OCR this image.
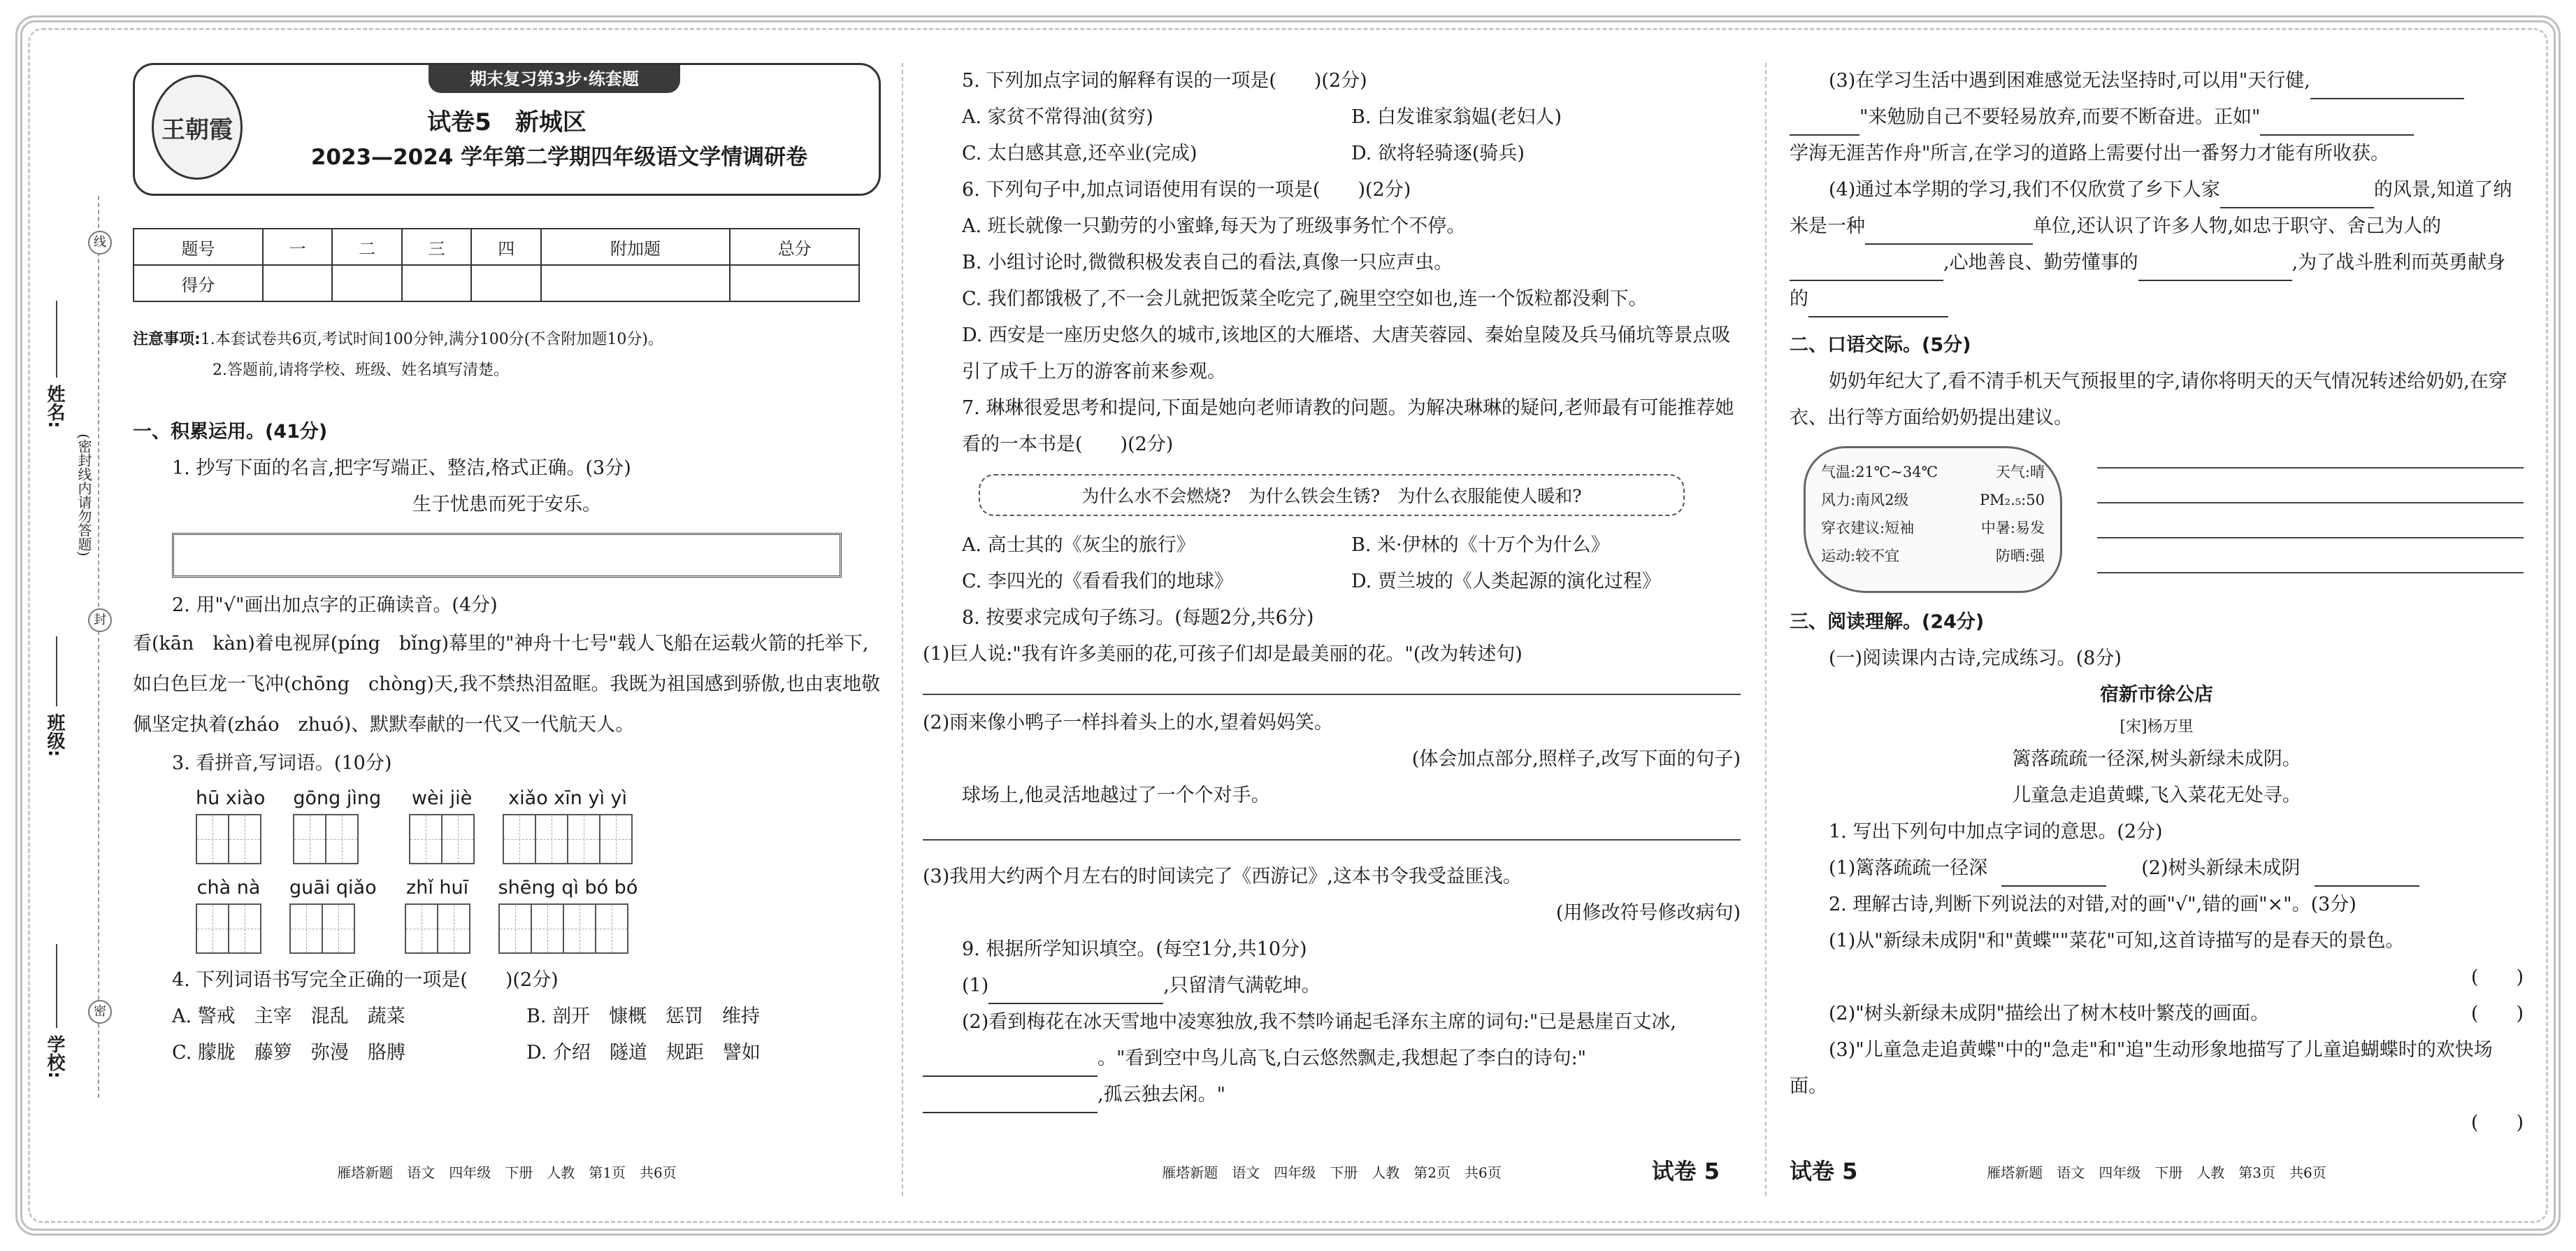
线
封
密
姓名:
(密封线内请勿答题)
班级:
学校:
王朝霞
期末复习第3步·练套题
试卷5　新城区
2023—2024 学年第二学期四年级语文学情调研卷
题号	一	二	三	四	附加题	总分
得分						
注意事项:1.本套试卷共6页,考试时间100分钟,满分100分(不含附加题10分)。
2.答题前,请将学校、班级、姓名填写清楚。
一、积累运用。(41分)
1. 抄写下面的名言,把字写端正、整洁,格式正确。(3分)
生于忧患而死于安乐。
2. 用"√"画出加点字的正确读音。(4分)
看(kān　kàn)着电视屏(píng　bǐng)幕里的"神舟十七号"载人飞船在运载火箭的托举下,如白色巨龙一飞冲(chōng　chòng)天,我不禁热泪盈眶。我既为祖国感到骄傲,也由衷地敬佩坚定执着(zháo　zhuó)、默默奉献的一代又一代航天人。
3. 看拼音,写词语。(10分)
hū xiào gōng jìng wèi jiè xiǎo xīn yì yì
chà nà guāi qiǎo zhǐ huī shēng qì bó bó
4. 下列词语书写完全正确的一项是(　　)(2分)
A. 警戒　主宰　混乱　蔬菜	B. 剖开　慷概　惩罚　维持
C. 朦胧　藤箩　弥漫　胳膊	D. 介绍　隧道　规距　譬如
雁塔新题　语文　四年级　下册　人教　第1页　共6页
5. 下列加点字词的解释有误的一项是(　　)(2分)
A. 家贫不常得油(贫穷)	B. 白发谁家翁媪(老妇人)
C. 太白感其意,还卒业(完成)	D. 欲将轻骑逐(骑兵)
6. 下列句子中,加点词语使用有误的一项是(　　)(2分)
A. 班长就像一只勤劳的小蜜蜂,每天为了班级事务忙个不停。
B. 小组讨论时,微微积极发表自己的看法,真像一只应声虫。
C. 我们都饿极了,不一会儿就把饭菜全吃完了,碗里空空如也,连一个饭粒都没剩下。
D. 西安是一座历史悠久的城市,该地区的大雁塔、大唐芙蓉园、秦始皇陵及兵马俑坑等景点吸引了成千上万的游客前来参观。
7. 琳琳很爱思考和提问,下面是她向老师请教的问题。为解决琳琳的疑问,老师最有可能推荐她看的一本书是(　　)(2分)
为什么水不会燃烧?　为什么铁会生锈?　为什么衣服能使人暖和?
A. 高士其的《灰尘的旅行》	B. 米·伊林的《十万个为什么》
C. 李四光的《看看我们的地球》	D. 贾兰坡的《人类起源的演化过程》
8. 按要求完成句子练习。(每题2分,共6分)
(1)巨人说:"我有许多美丽的花,可孩子们却是最美丽的花。"(改为转述句)
(2)雨来像小鸭子一样抖着头上的水,望着妈妈笑。
(体会加点部分,照样子,改写下面的句子)
球场上,他灵活地越过了一个个对手。
(3)我用大约两个月左右的时间读完了《西游记》,这本书令我受益匪浅。
(用修改符号修改病句)
9. 根据所学知识填空。(每空1分,共10分)
(1)	,只留清气满乾坤。
(2)看到梅花在冰天雪地中凌寒独放,我不禁吟诵起毛泽东主席的词句:"已是悬崖百丈冰,。"看到空中鸟儿高飞,白云悠然飘走,我想起了李白的诗句:",孤云独去闲。"
雁塔新题　语文　四年级　下册　人教　第2页　共6页	试卷 5
(3)在学习生活中遇到困难感觉无法坚持时,可以用"天行健,
"来勉励自己不要轻易放弃,而要不断奋进。正如"
学海无涯苦作舟"所言,在学习的道路上需要付出一番努力才能有所收获。
(4)通过本学期的学习,我们不仅欣赏了乡下人家	的风景,知道了纳米是一种	单位,还认识了许多人物,如忠于职守、舍己为人的,心地善良、勤劳懂事的	,为了战斗胜利而英勇献身的
二、口语交际。(5分)
奶奶年纪大了,看不清手机天气预报里的字,请你将明天的天气情况转述给奶奶,在穿衣、出行等方面给奶奶提出建议。
气温:21℃~34℃	天气:晴
风力:南风2级	PM₂.₅:50
穿衣建议:短袖	中暑:易发
运动:较不宜	防晒:强
三、阅读理解。(24分)
(一)阅读课内古诗,完成练习。(8分)
宿新市徐公店
[宋]杨万里
篱落疏疏一径深,树头新绿未成阴。
儿童急走追黄蝶,飞入菜花无处寻。
1. 写出下列句中加点字词的意思。(2分)
(1)篱落疏疏一径深	(2)树头新绿未成阴
2. 理解古诗,判断下列说法的对错,对的画"√",错的画"×"。(3分)
(1)从"新绿未成阴"和"黄蝶""菜花"可知,这首诗描写的是春天的景色。
(　　)
(2)"树头新绿未成阴"描绘出了树木枝叶繁茂的画面。	(　　)
(3)"儿童急走追黄蝶"中的"急走"和"追"生动形象地描写了儿童追蝴蝶时的欢快场面。
(　　)
试卷 5	雁塔新题　语文　四年级　下册　人教　第3页　共6页
